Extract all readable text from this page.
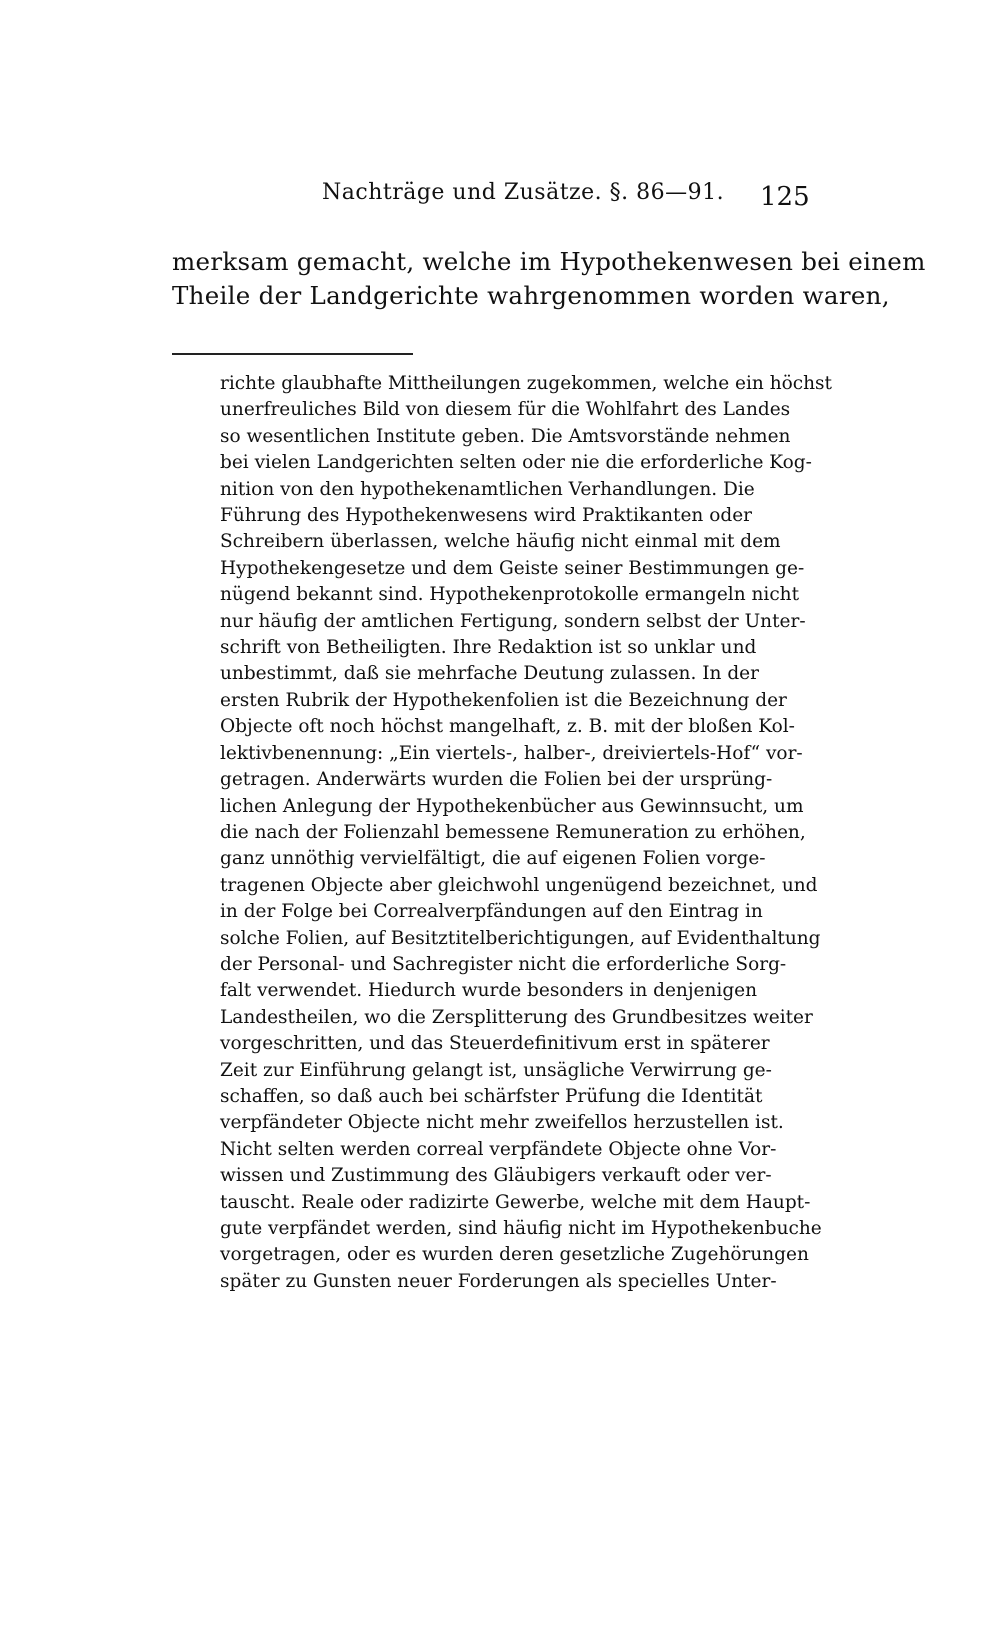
Nachträge und Zusätze. §. 86—91. 125
merksam gemacht, welche im Hypothekenwesen bei einem
Theile der Landgerichte wahrgenommen worden waren,
richte glaubhafte Mittheilungen zugekommen, welche ein höchst
unerfreuliches Bild von diesem für die Wohlfahrt des Landes
so wesentlichen Institute geben. Die Amtsvorstände nehmen
bei vielen Landgerichten selten oder nie die erforderliche Kog-
nition von den hypothekenamtlichen Verhandlungen. Die
Führung des Hypothekenwesens wird Praktikanten oder
Schreibern überlassen, welche häufig nicht einmal mit dem
Hypothekengesetze und dem Geiste seiner Bestimmungen ge-
nügend bekannt sind. Hypothekenprotokolle ermangeln nicht
nur häufig der amtlichen Fertigung, sondern selbst der Unter-
schrift von Betheiligten. Ihre Redaktion ist so unklar und
unbestimmt, daß sie mehrfache Deutung zulassen. In der
ersten Rubrik der Hypothekenfolien ist die Bezeichnung der
Objecte oft noch höchst mangelhaft, z. B. mit der bloßen Kol-
lektivbenennung: „Ein viertels-, halber-, dreiviertels-Hof“ vor-
getragen. Anderwärts wurden die Folien bei der ursprüng-
lichen Anlegung der Hypothekenbücher aus Gewinnsucht, um
die nach der Folienzahl bemessene Remuneration zu erhöhen,
ganz unnöthig vervielfältigt, die auf eigenen Folien vorge-
tragenen Objecte aber gleichwohl ungenügend bezeichnet, und
in der Folge bei Correalverpfändungen auf den Eintrag in
solche Folien, auf Besitztitelberichtigungen, auf Evidenthaltung
der Personal- und Sachregister nicht die erforderliche Sorg-
falt verwendet. Hiedurch wurde besonders in denjenigen
Landestheilen, wo die Zersplitterung des Grundbesitzes weiter
vorgeschritten, und das Steuerdefinitivum erst in späterer
Zeit zur Einführung gelangt ist, unsägliche Verwirrung ge-
schaffen, so daß auch bei schärfster Prüfung die Identität
verpfändeter Objecte nicht mehr zweifellos herzustellen ist.
Nicht selten werden correal verpfändete Objecte ohne Vor-
wissen und Zustimmung des Gläubigers verkauft oder ver-
tauscht. Reale oder radizirte Gewerbe, welche mit dem Haupt-
gute verpfändet werden, sind häufig nicht im Hypothekenbuche
vorgetragen, oder es wurden deren gesetzliche Zugehörungen
später zu Gunsten neuer Forderungen als specielles Unter-
